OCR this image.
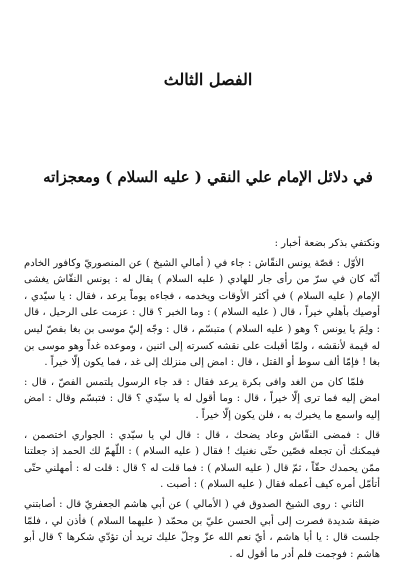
الفصل الثالث
في دلائل الإمام علي النقي ( عليه السلام ) ومعجزاته

ونكتفي بذكر بضعة أخبار :

الأوّل : قصّة يونس النقّاش : جاء في ( أمالي الشيخ ) عن المنصوريّ وكافور الخادم أنّه كان في سرّ من رأى جار للهادي ( عليه السلام ) يقال له : يونس النقّاش يغشى الإمام ( عليه السلام ) في أكثر الأوقات ويخدمه ، فجاءه يوماً يرعد ، فقال : يا سيّدي ، أوصيك بأهلي خيراً ، قال ( عليه السلام ) : وما الخبر ؟ قال : عزمت على الرحيل ، قال : ولِمَ يا يونس ؟ وهو ( عليه السلام ) متبسّم ، قال : وجّه إليّ موسى بن بغا بفصّ ليس له قيمة لأنقشه ، ولمّا أقبلت على نقشه كسرته إلى اثنين ، وموعده غداً وهو موسى بن بغا ! فإمّا ألف سوط أو القتل ، قال : امض إلى منزلك إلى غد ، فما يكون إلّا خيراً .

فلمّا كان من الغد وافى بكرة يرعد فقال : قد جاء الرسول يلتمس الفصّ ، قال : امض إليه فما ترى إلّا خيراً ، قال : وما أقول له يا سيّدي ؟ قال : فتبسّم وقال : امض إليه واسمع ما يخبرك به ، فلن يكون إلّا خيراً .

قال : فمضى النقّاش وعاد يضحك ، قال : قال لي يا سيّدي : الجواري اختصمن ، فيمكنك أن تجعله فصّين حتّى نغنيك ! فقال ( عليه السلام ) : اللّهمّ لك الحمد إذ جعلتنا ممّن يحمدك حقّاً ، ثمّ قال ( عليه السلام ) : فما قلت له ؟ قال : قلت له : أمهلني حتّى أتأمّل أمره كيف أعمله فقال ( عليه السلام ) : أصبت .

الثاني : روى الشيخ الصدوق في ( الأمالي ) عن أبي هاشم الجعفريّ قال : أصابتني ضيقة شديدة فصرت إلى أبي الحسن عليّ بن محمّد ( عليهما السلام ) فأذن لي ، فلمّا جلست قال : يا أبا هاشم ، أيّ نعم الله عزّ وجلّ عليك تريد أن تؤدّي شكرها ؟ قال أبو هاشم : فوجمت فلم أدر ما أقول له .
